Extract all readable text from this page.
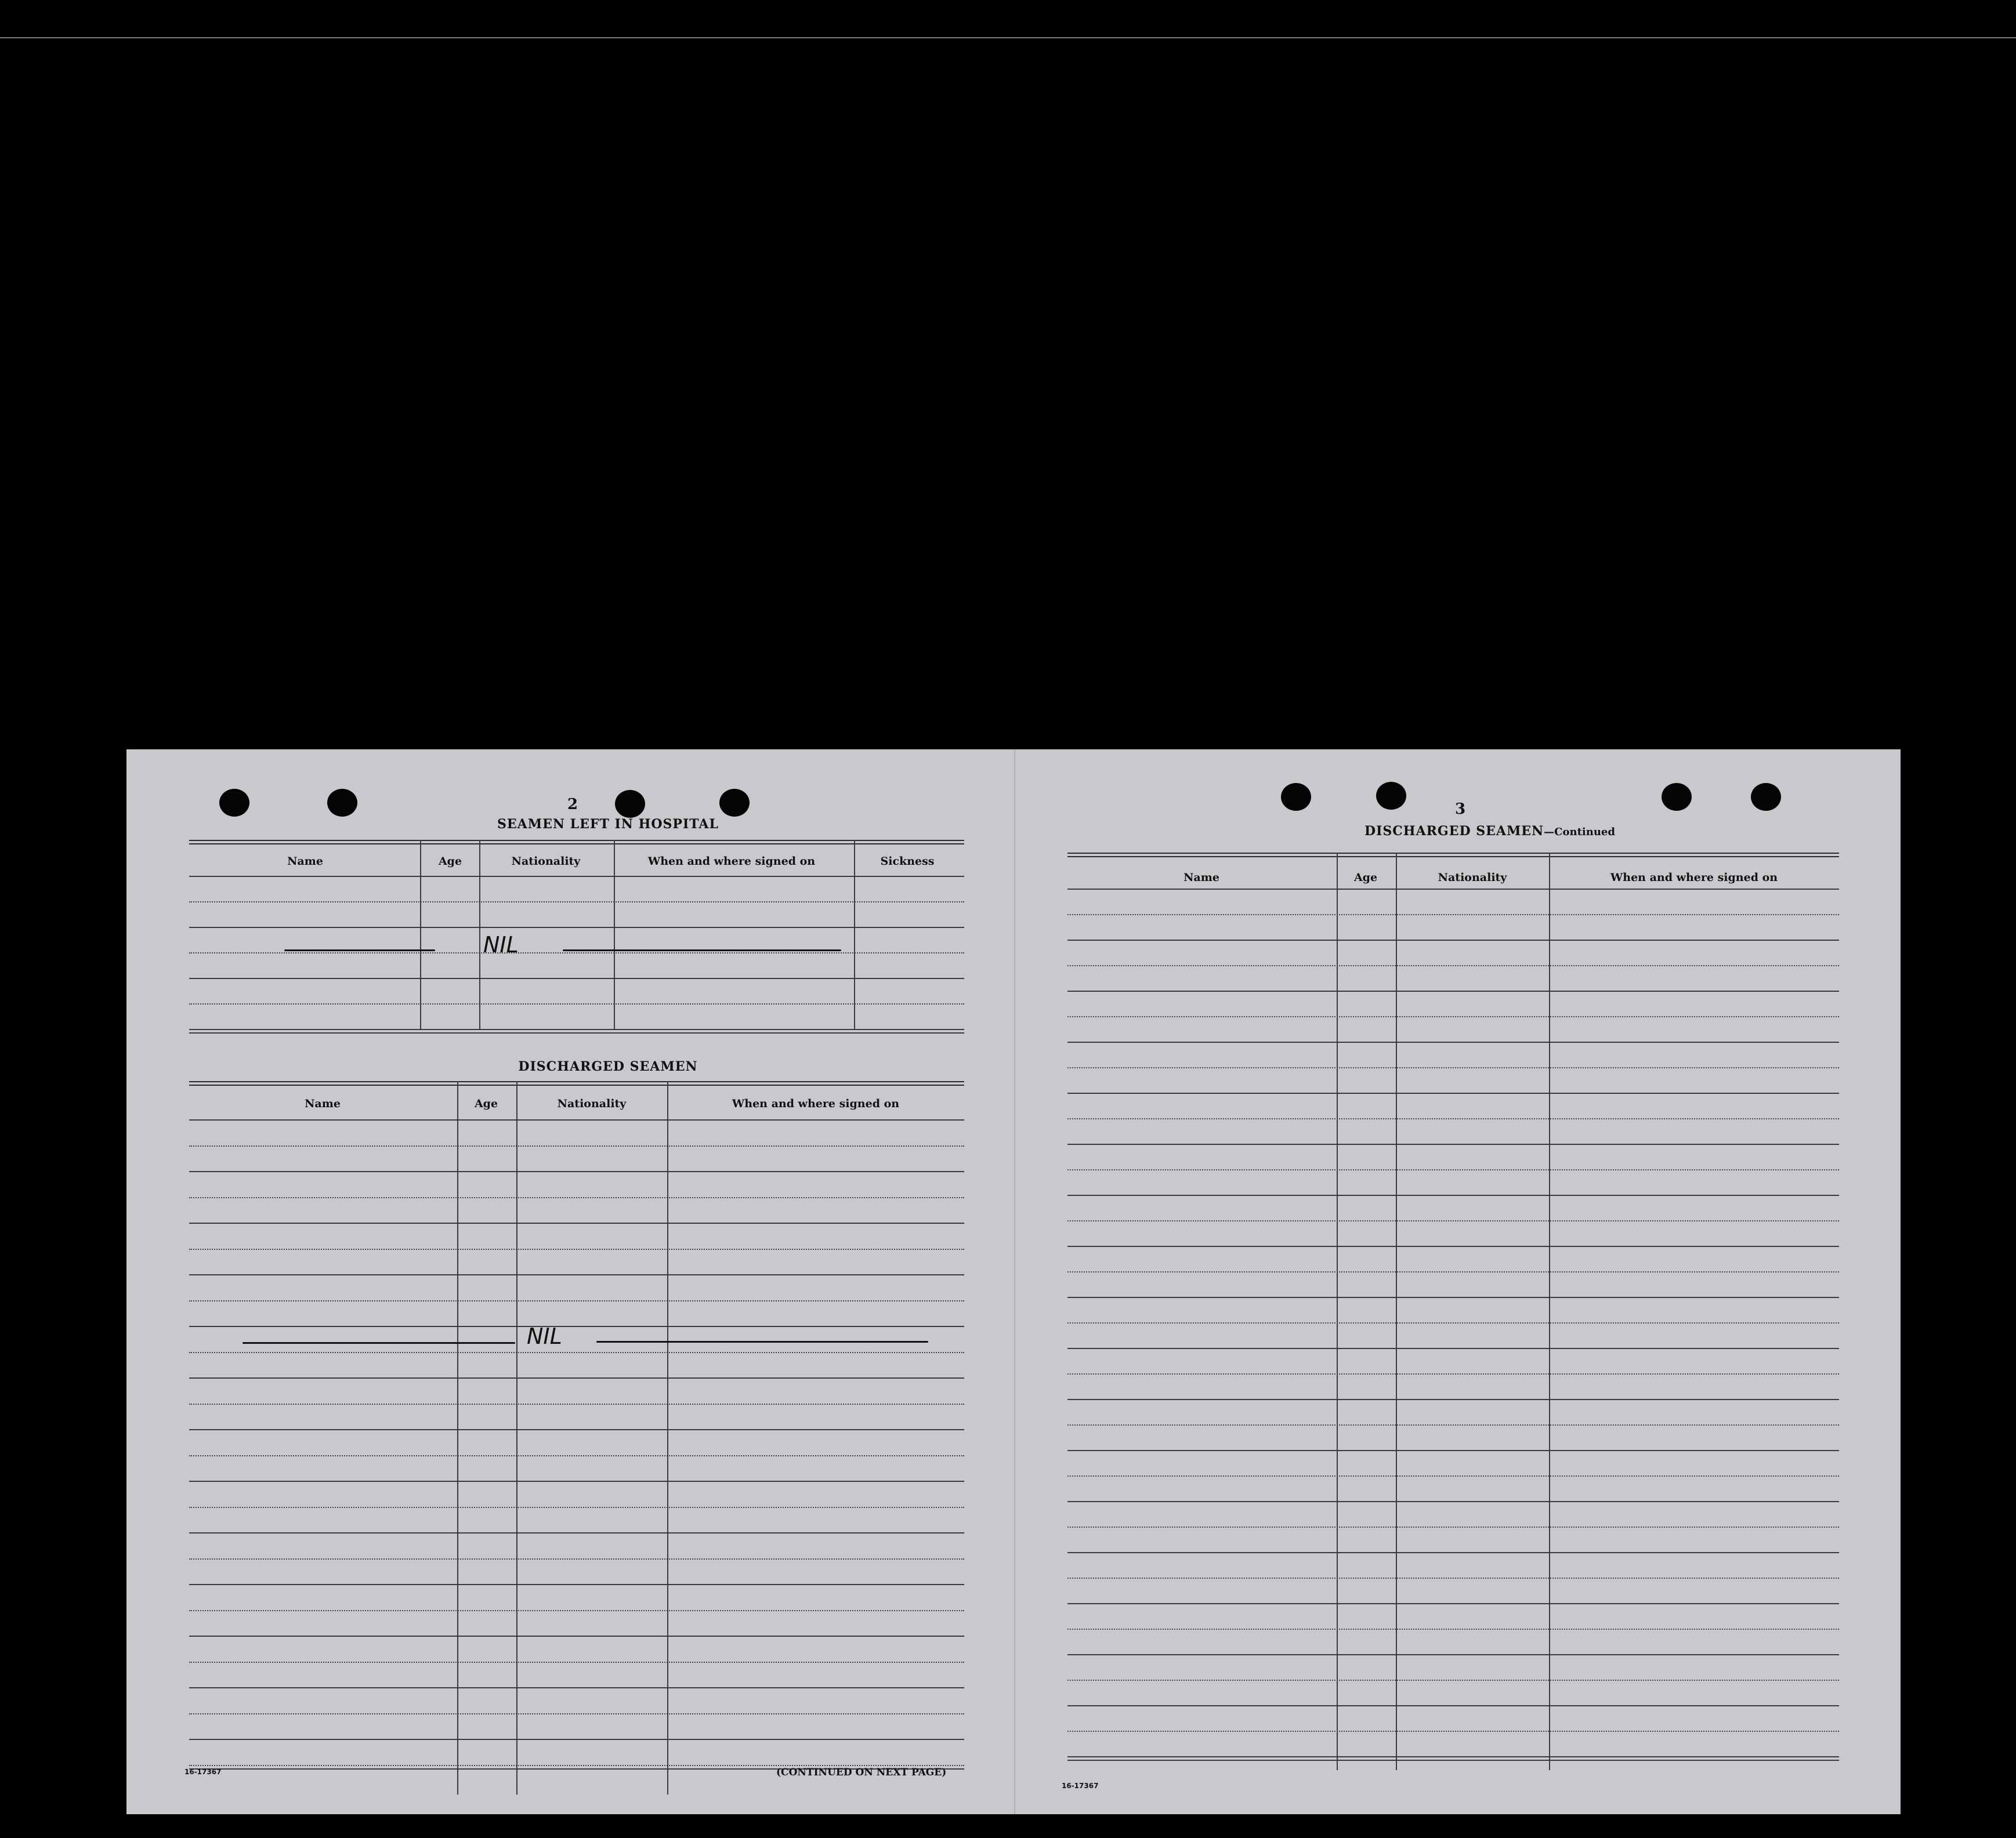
2
SEAMEN LEFT IN HOSPITAL
Name	Age	Nationality	When and where signed on	Sickness
NIL
DISCHARGED SEAMEN
Name	Age	Nationality	When and where signed on
NIL
16-17367	(CONTINUED ON NEXT PAGE)
3
DISCHARGED SEAMEN—Continued
Name	Age	Nationality	When and where signed on
16-17367
